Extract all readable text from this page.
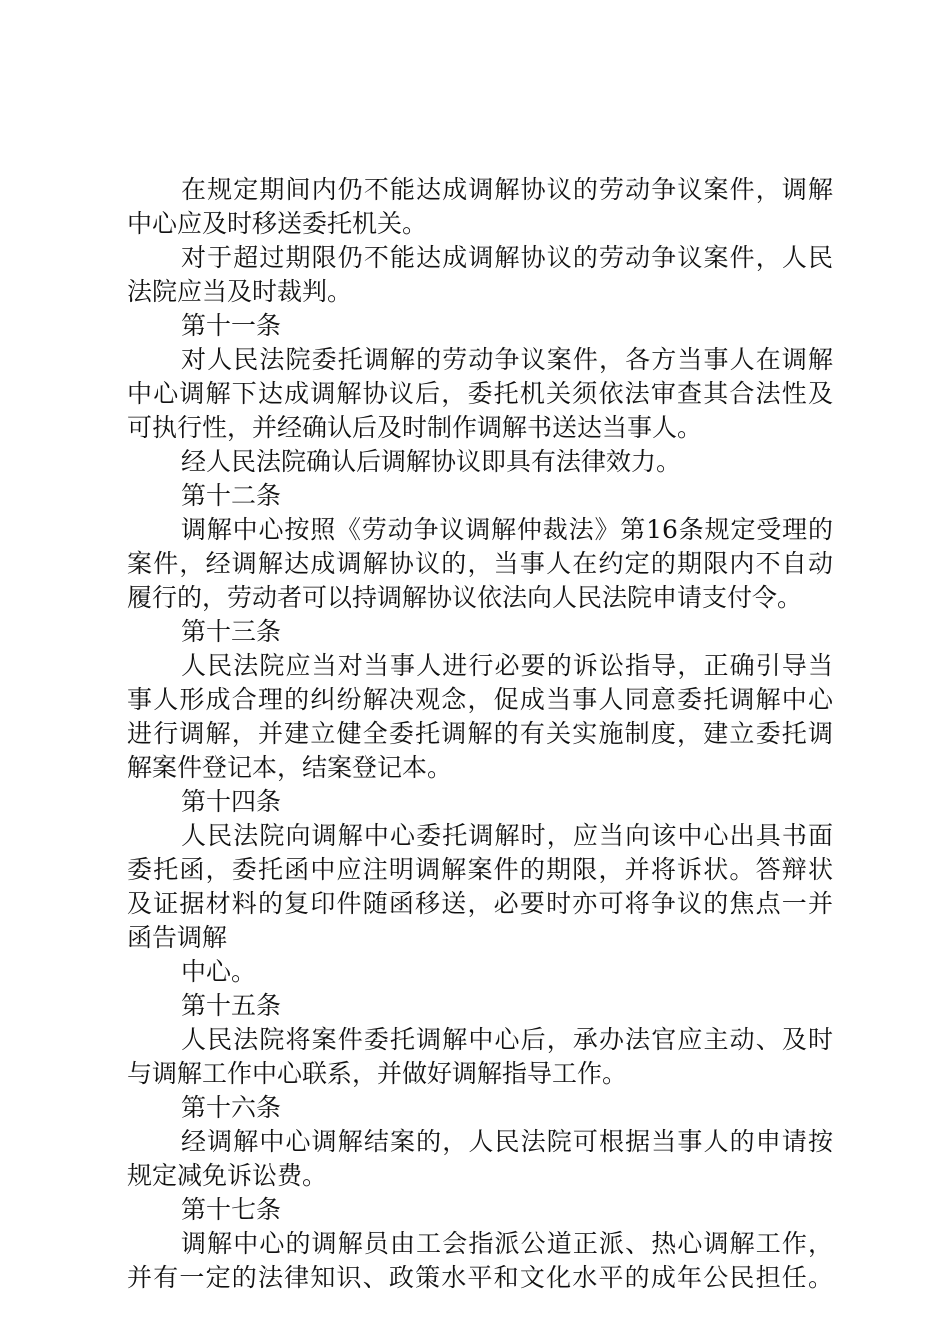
在规定期间内仍不能达成调解协议的劳动争议案件，调解
中心应及时移送委托机关。
对于超过期限仍不能达成调解协议的劳动争议案件，人民
法院应当及时裁判。
第十一条
对人民法院委托调解的劳动争议案件，各方当事人在调解
中心调解下达成调解协议后，委托机关须依法审查其合法性及
可执行性，并经确认后及时制作调解书送达当事人。
经人民法院确认后调解协议即具有法律效力。
第十二条
调解中心按照《劳动争议调解仲裁法》第16条规定受理的
案件，经调解达成调解协议的，当事人在约定的期限内不自动
履行的，劳动者可以持调解协议依法向人民法院申请支付令。
第十三条
人民法院应当对当事人进行必要的诉讼指导，正确引导当
事人形成合理的纠纷解决观念，促成当事人同意委托调解中心
进行调解，并建立健全委托调解的有关实施制度，建立委托调
解案件登记本，结案登记本。
第十四条
人民法院向调解中心委托调解时，应当向该中心出具书面
委托函，委托函中应注明调解案件的期限，并将诉状。答辩状
及证据材料的复印件随函移送，必要时亦可将争议的焦点一并
函告调解
中心。
第十五条
人民法院将案件委托调解中心后，承办法官应主动、及时
与调解工作中心联系，并做好调解指导工作。
第十六条
经调解中心调解结案的，人民法院可根据当事人的申请按
规定减免诉讼费。
第十七条
调解中心的调解员由工会指派公道正派、热心调解工作，
并有一定的法律知识、政策水平和文化水平的成年公民担任。
